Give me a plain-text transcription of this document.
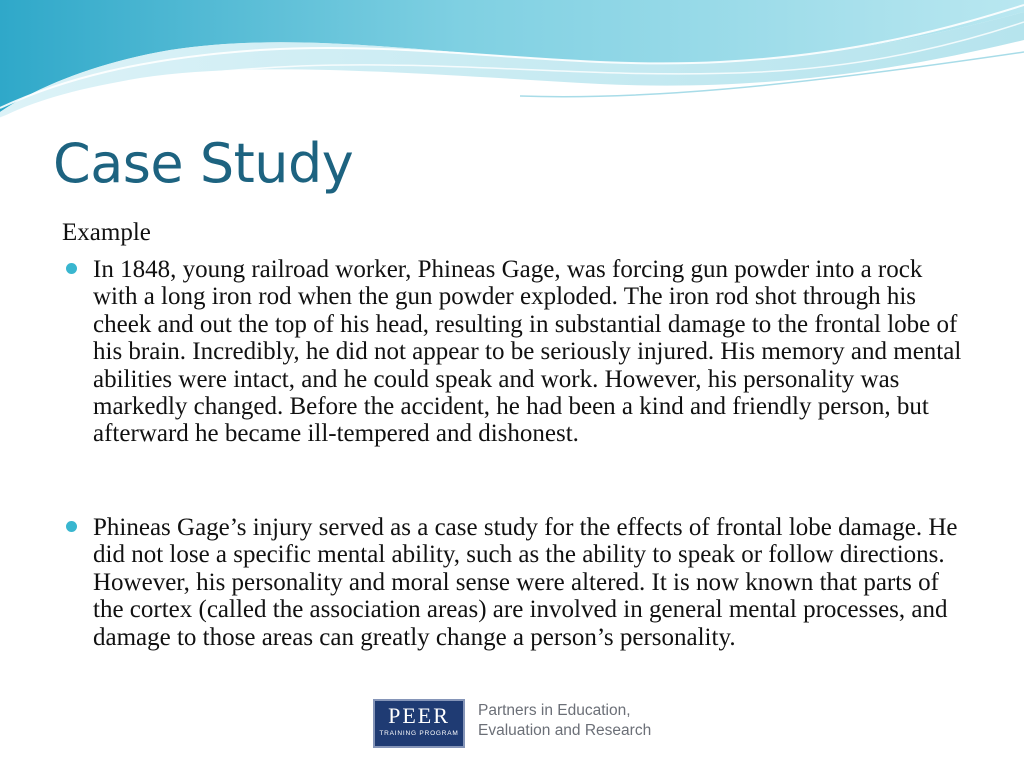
Case Study
Example
In 1848, young railroad worker, Phineas Gage, was forcing gun powder into a rock with a long iron rod when the gun powder exploded. The iron rod shot through his cheek and out the top of his head, resulting in substantial damage to the frontal lobe of his brain. Incredibly, he did not appear to be seriously injured. His memory and mental abilities were intact, and he could speak and work. However, his personality was markedly changed. Before the accident, he had been a kind and friendly person, but afterward he became ill-tempered and dishonest.
Phineas Gage’s injury served as a case study for the effects of frontal lobe damage. He did not lose a specific mental ability, such as the ability to speak or follow directions. However, his personality and moral sense were altered. It is now known that parts of the cortex (called the association areas) are involved in general mental processes, and damage to those areas can greatly change a person’s personality.
PEER
TRAINING PROGRAM
Partners in Education,
Evaluation and Research
